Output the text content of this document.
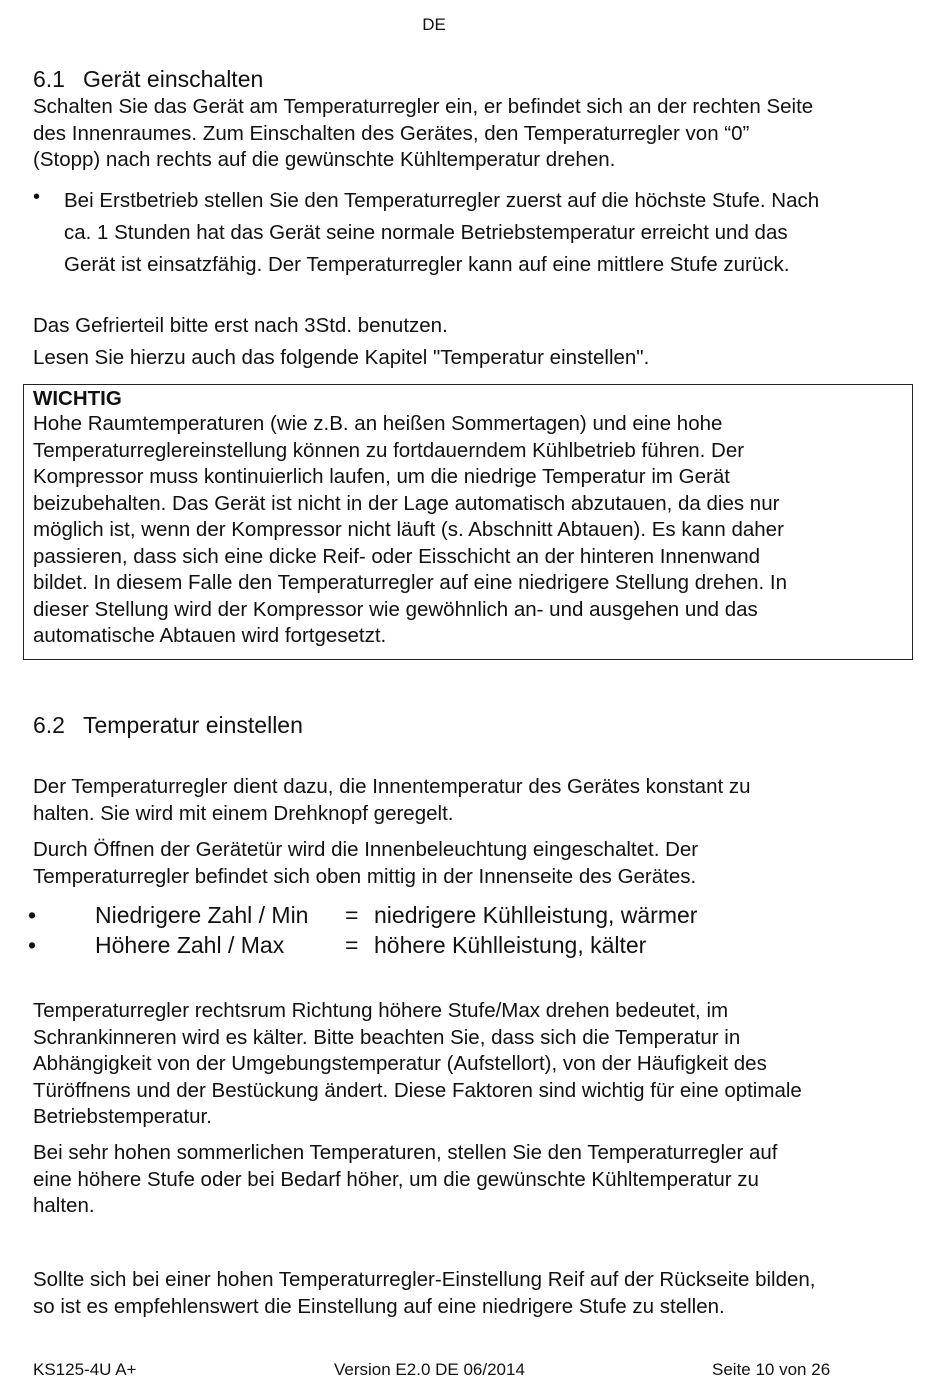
DE
6.1 Gerät einschalten
Schalten Sie das Gerät am Temperaturregler ein, er befindet sich an der rechten Seite
des Innenraumes. Zum Einschalten des Gerätes, den Temperaturregler von “0”
(Stopp) nach rechts auf die gewünschte Kühltemperatur drehen.
• Bei Erstbetrieb stellen Sie den Temperaturregler zuerst auf die höchste Stufe. Nach
ca. 1 Stunden hat das Gerät seine normale Betriebstemperatur erreicht und das
Gerät ist einsatzfähig. Der Temperaturregler kann auf eine mittlere Stufe zurück.
Das Gefrierteil bitte erst nach 3Std. benutzen.
Lesen Sie hierzu auch das folgende Kapitel "Temperatur einstellen".
WICHTIG
Hohe Raumtemperaturen (wie z.B. an heißen Sommertagen) und eine hohe
Temperaturreglereinstellung können zu fortdauerndem Kühlbetrieb führen. Der
Kompressor muss kontinuierlich laufen, um die niedrige Temperatur im Gerät
beizubehalten. Das Gerät ist nicht in der Lage automatisch abzutauen, da dies nur
möglich ist, wenn der Kompressor nicht läuft (s. Abschnitt Abtauen). Es kann daher
passieren, dass sich eine dicke Reif- oder Eisschicht an der hinteren Innenwand
bildet. In diesem Falle den Temperaturregler auf eine niedrigere Stellung drehen. In
dieser Stellung wird der Kompressor wie gewöhnlich an- und ausgehen und das
automatische Abtauen wird fortgesetzt.
6.2 Temperatur einstellen
Der Temperaturregler dient dazu, die Innentemperatur des Gerätes konstant zu
halten. Sie wird mit einem Drehknopf geregelt.
Durch Öffnen der Gerätetür wird die Innenbeleuchtung eingeschaltet. Der
Temperaturregler befindet sich oben mittig in der Innenseite des Gerätes.
•	Niedrigere Zahl / Min = niedrigere Kühlleistung, wärmer
•	Höhere Zahl / Max	= höhere Kühlleistung, kälter
Temperaturregler rechtsrum Richtung höhere Stufe/Max drehen bedeutet, im
Schrankinneren wird es kälter. Bitte beachten Sie, dass sich die Temperatur in
Abhängigkeit von der Umgebungstemperatur (Aufstellort), von der Häufigkeit des
Türöffnens und der Bestückung ändert. Diese Faktoren sind wichtig für eine optimale
Betriebstemperatur.
Bei sehr hohen sommerlichen Temperaturen, stellen Sie den Temperaturregler auf
eine höhere Stufe oder bei Bedarf höher, um die gewünschte Kühltemperatur zu
halten.
Sollte sich bei einer hohen Temperaturregler-Einstellung Reif auf der Rückseite bilden,
so ist es empfehlenswert die Einstellung auf eine niedrigere Stufe zu stellen.
KS125-4U A+	Version E2.0 DE 06/2014	Seite 10 von 26
